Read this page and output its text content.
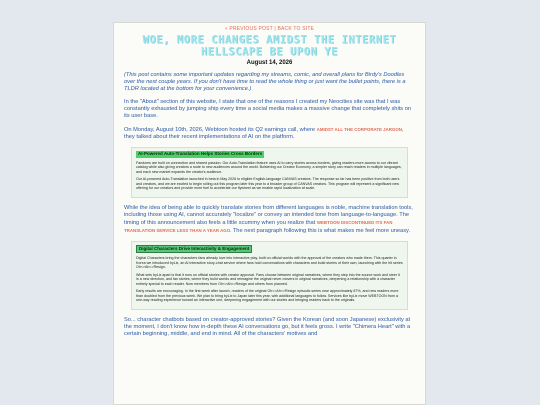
« PREVIOUS POST | BACK TO SITE
WOE, MORE CHANGES AMIDST THE INTERNET HELLSCAPE BE UPON YE
August 14, 2026

(This post contains some important updates regarding my streams, comic, and overall plans for Birdy's Doodles over the next couple years. If you don't have time to read the whole thing or just want the bullet points, there is a TLDR located at the bottom for your convenience.)

In the "About" section of this website, I state that one of the reasons I created my Neocities site was that I was constantly exhausted by jumping ship every time a social media makes a massive change that completely shits on its user base.

On Monday, August 10th, 2026, Webtoon hosted its Q2 earnings call, where AMIDST ALL THE CORPORATE JARGON, they talked about their recent implementations of AI on the platform.

AI-Powered Auto-Translation Helps Stories Cross Borders
Fandoms are built on connection and shared passion. Our Auto-Translation feature uses AI to carry stories across borders, giving readers more access to our vibrant catalog while also giving creators a route to new audiences around the world. Bolstering our Creator Economy, a simpler story can reach readers in multiple languages, and each new market expands the creator's audience.
Our AI-powered Auto-Translation launched in beta in May 2026 to eligible English-language CANVAS creators. The response so far has been positive from both users and creators, and we are excited to begin rolling out this program later this year to a broader group of CANVAS creators. This program will represent a significant new offering for our creators and provide more fuel to accelerate our flywheel as we enable rapid localization at scale.

While the idea of being able to quickly translate stories from different languages is noble, machine translation tools, including those using AI, cannot accurately "localize" or convey an intended tone from language-to-language. The timing of this announcement also feels a little scummy when you realize that WEBTOON DISCONTINUED ITS FAN TRANSLATION SERVICE LESS THAN A YEAR AGO. The next paragraph following this is what makes me feel more uneasy.

Digital Characters Drive Interactivity & Engagement
Digital Characters bring the characters fans already love into interactive play, built on official worlds with the approval of the creators who made them. This quarter in Korea we introduced byLix, an AI interactive story-chat service where fans hold conversations with characters and build stories of their own, launching with the hit series Oh<>Ah<>Resign.
What sets byLix apart is that it runs on official stories with creator approval. Fans choose between original narratives, where they step into the source work and steer it in a new direction, and fan stories, where they build worlds and reimagine the original never-movers in original narratives, deepening a relationship with a character entirely special to each reader. Now members from Oh<>Ah<>Resign and others from planned.
Early results are encouraging. In the first week after launch, readers of the original Oh<>Ah<>Resign episodic series rose approximately 87%, and new readers more than doubled from the previous week. We plan to bring byLix to Japan later this year, with additional languages to follow. Services like byLix move WEBTOON from a one-way reading experience toward an interactive one, deepening engagement with our stories and bringing readers back to the originals.

So... character chatbots based on creator-approved stories? Given the Korean (and soon Japanese) exclusivity at the moment, I don't know how in-depth these AI conversations go, but it feels gross. I write "Chimera Heart" with a certain beginning, middle, and end in mind. All of the characters' motives and
